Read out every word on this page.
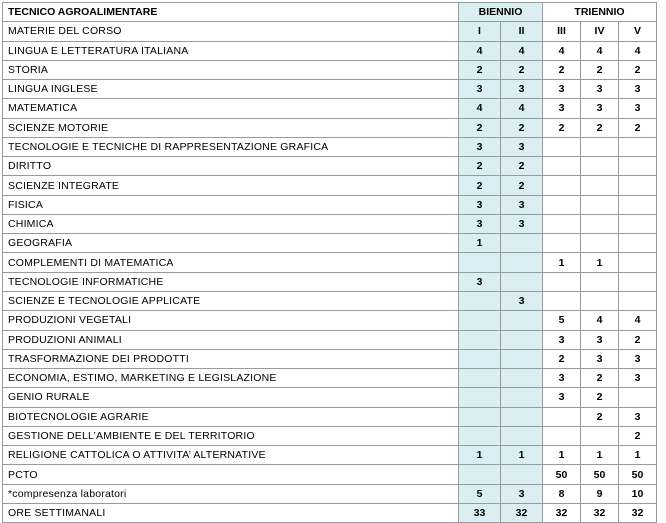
TECNICO AGROALIMENTARE	BIENNIO		TRIENNIO		
MATERIE DEL CORSO	I	II	III	IV	V
LINGUA E LETTERATURA ITALIANA	4	4	4	4	4
STORIA	2	2	2	2	2
LINGUA INGLESE	3	3	3	3	3
MATEMATICA	4	4	3	3	3
SCIENZE MOTORIE	2	2	2	2	2
TECNOLOGIE E TECNICHE DI RAPPRESENTAZIONE GRAFICA	3	3			
DIRITTO	2	2			
SCIENZE INTEGRATE	2	2			
FISICA	3	3			
CHIMICA	3	3			
GEOGRAFIA	1				
COMPLEMENTI DI MATEMATICA			1	1	
TECNOLOGIE INFORMATICHE	3				
SCIENZE E TECNOLOGIE APPLICATE		3			
PRODUZIONI VEGETALI			5	4	4
PRODUZIONI ANIMALI			3	3	2
TRASFORMAZIONE DEI PRODOTTI			2	3	3
ECONOMIA, ESTIMO, MARKETING E LEGISLAZIONE			3	2	3
GENIO RURALE			3	2	
BIOTECNOLOGIE AGRARIE				2	3
GESTIONE DELL’AMBIENTE E DEL TERRITORIO					2
RELIGIONE CATTOLICA O ATTIVITA’ ALTERNATIVE	1	1	1	1	1
PCTO			50	50	50
*compresenza laboratori	5	3	8	9	10
ORE SETTIMANALI	33	32	32	32	32
